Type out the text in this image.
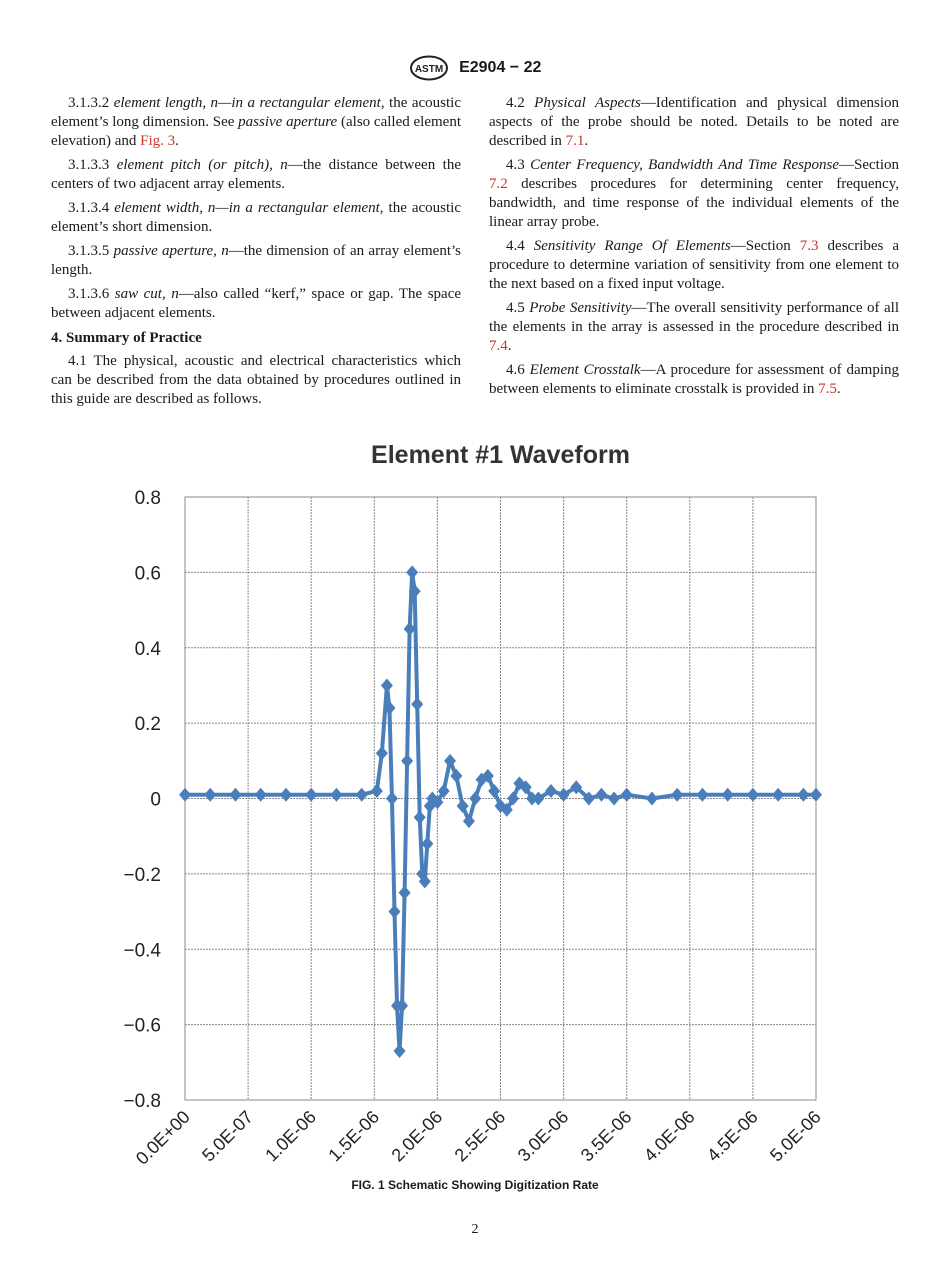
ASTM E2904 − 22

3.1.3.2 element length, n—in a rectangular element, the acoustic element’s long dimension. See passive aperture (also called element elevation) and Fig. 3.

3.1.3.3 element pitch (or pitch), n—the distance between the centers of two adjacent array elements.

3.1.3.4 element width, n—in a rectangular element, the acoustic element’s short dimension.

3.1.3.5 passive aperture, n—the dimension of an array element’s length.

3.1.3.6 saw cut, n—also called “kerf,” space or gap. The space between adjacent elements.

4. Summary of Practice

4.1 The physical, acoustic and electrical characteristics which can be described from the data obtained by procedures outlined in this guide are described as follows.

4.2 Physical Aspects—Identification and physical dimension aspects of the probe should be noted. Details to be noted are described in 7.1.

4.3 Center Frequency, Bandwidth And Time Response—Section 7.2 describes procedures for determining center frequency, bandwidth, and time response of the individual elements of the linear array probe.

4.4 Sensitivity Range Of Elements—Section 7.3 describes a procedure to determine variation of sensitivity from one element to the next based on a fixed input voltage.

4.5 Probe Sensitivity—The overall sensitivity performance of all the elements in the array is assessed in the procedure described in 7.4.

4.6 Element Crosstalk—A procedure for assessment of damping between elements to eliminate crosstalk is provided in 7.5.

Element #1 Waveform
0.8
0.6
0.4
0.2
0
−0.2
−0.4
−0.6
−0.8
0.0E+00 5.0E-07 1.0E-06 1.5E-06 2.0E-06 2.5E-06 3.0E-06 3.5E-06 4.0E-06 4.5E-06 5.0E-06
FIG. 1 Schematic Showing Digitization Rate
2
